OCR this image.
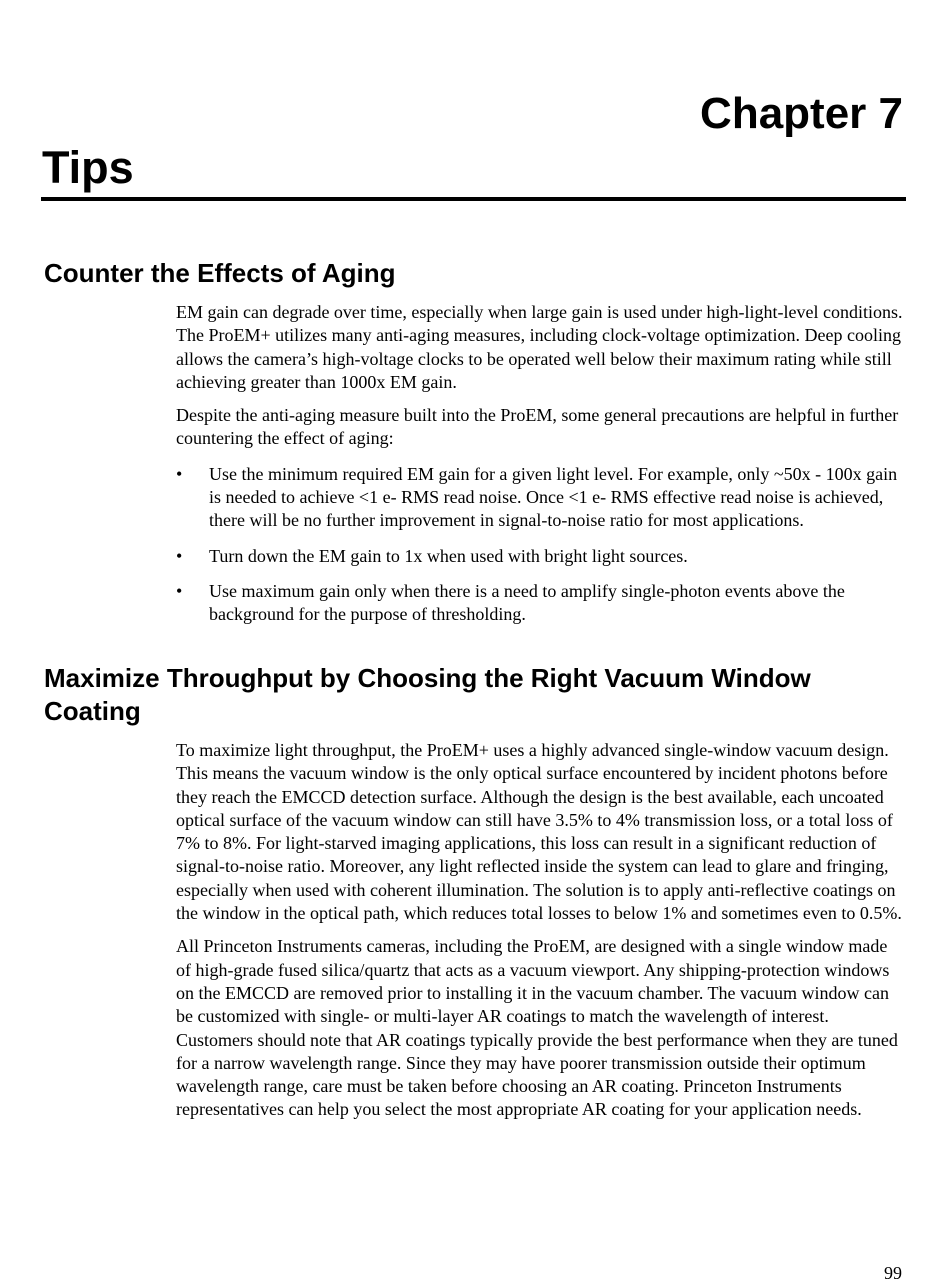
Chapter 7
Tips
Counter the Effects of Aging

EM gain can degrade over time, especially when large gain is used under high-light-level conditions. The ProEM+ utilizes many anti-aging measures, including clock-voltage optimization. Deep cooling allows the camera’s high-voltage clocks to be operated well below their maximum rating while still achieving greater than 1000x EM gain.

Despite the anti-aging measure built into the ProEM, some general precautions are helpful in further countering the effect of aging:

• Use the minimum required EM gain for a given light level. For example, only ~50x - 100x gain is needed to achieve <1 e- RMS read noise. Once <1 e- RMS effective read noise is achieved, there will be no further improvement in signal-to-noise ratio for most applications.
• Turn down the EM gain to 1x when used with bright light sources.
• Use maximum gain only when there is a need to amplify single-photon events above the background for the purpose of thresholding.
Maximize Throughput by Choosing the Right Vacuum Window
Coating

To maximize light throughput, the ProEM+ uses a highly advanced single-window vacuum design. This means the vacuum window is the only optical surface encountered by incident photons before they reach the EMCCD detection surface. Although the design is the best available, each uncoated optical surface of the vacuum window can still have 3.5% to 4% transmission loss, or a total loss of 7% to 8%. For light-starved imaging applications, this loss can result in a significant reduction of signal-to-noise ratio. Moreover, any light reflected inside the system can lead to glare and fringing, especially when used with coherent illumination. The solution is to apply anti-reflective coatings on the window in the optical path, which reduces total losses to below 1% and sometimes even to 0.5%.

All Princeton Instruments cameras, including the ProEM, are designed with a single window made of high-grade fused silica/quartz that acts as a vacuum viewport. Any shipping-protection windows on the EMCCD are removed prior to installing it in the vacuum chamber. The vacuum window can be customized with single- or multi-layer AR coatings to match the wavelength of interest. Customers should note that AR coatings typically provide the best performance when they are tuned for a narrow wavelength range. Since they may have poorer transmission outside their optimum wavelength range, care must be taken before choosing an AR coating. Princeton Instruments representatives can help you select the most appropriate AR coating for your application needs.

99
